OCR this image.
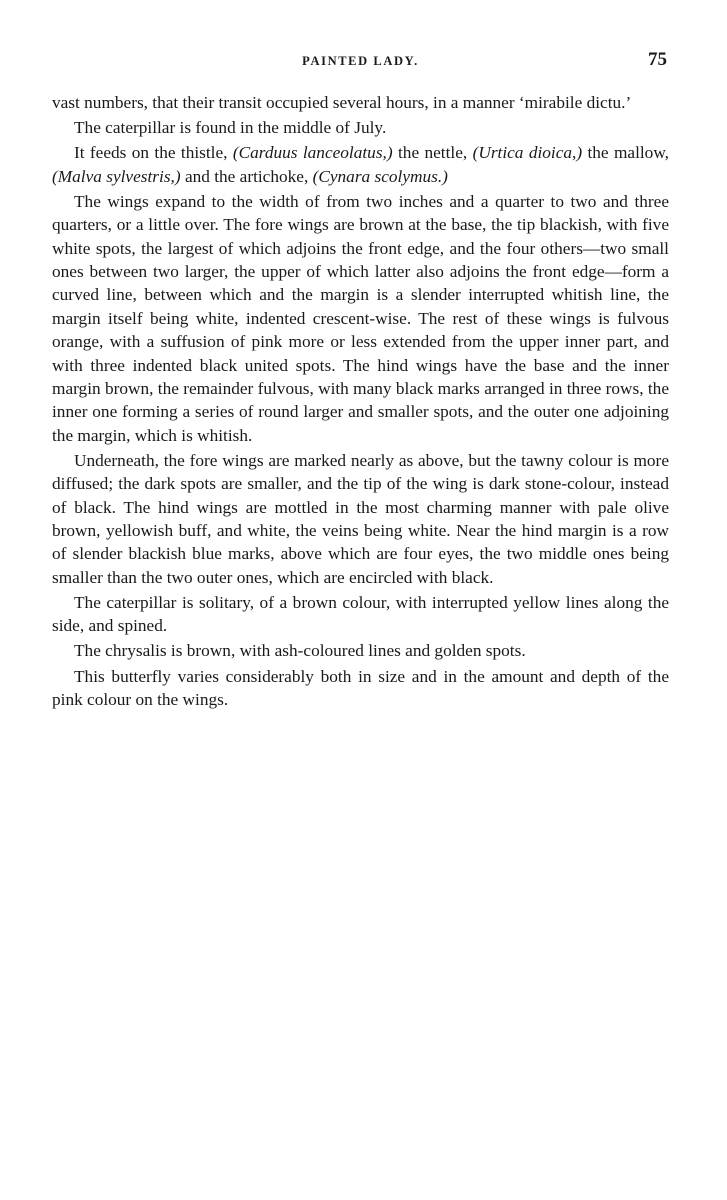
PAINTED LADY.	75

vast numbers, that their transit occupied several hours, in a manner ‘mirabile dictu.’

The caterpillar is found in the middle of July.

It feeds on the thistle, (Carduus lanceolatus,) the nettle, (Urtica dioica,) the mallow, (Malva sylvestris,) and the artichoke, (Cynara scolymus.)

The wings expand to the width of from two inches and a quarter to two and three quarters, or a little over. The fore wings are brown at the base, the tip blackish, with five white spots, the largest of which adjoins the front edge, and the four others—two small ones between two larger, the upper of which latter also adjoins the front edge—form a curved line, between which and the margin is a slender interrupted whitish line, the margin itself being white, indented crescent-wise. The rest of these wings is fulvous orange, with a suffusion of pink more or less extended from the upper inner part, and with three indented black united spots. The hind wings have the base and the inner margin brown, the remainder fulvous, with many black marks arranged in three rows, the inner one forming a series of round larger and smaller spots, and the outer one adjoining the margin, which is whitish.

Underneath, the fore wings are marked nearly as above, but the tawny colour is more diffused; the dark spots are smaller, and the tip of the wing is dark stone-colour, instead of black. The hind wings are mottled in the most charming manner with pale olive brown, yellowish buff, and white, the veins being white. Near the hind margin is a row of slender blackish blue marks, above which are four eyes, the two middle ones being smaller than the two outer ones, which are encircled with black.

The caterpillar is solitary, of a brown colour, with interrupted yellow lines along the side, and spined.

The chrysalis is brown, with ash-coloured lines and golden spots.

This butterfly varies considerably both in size and in the amount and depth of the pink colour on the wings.
